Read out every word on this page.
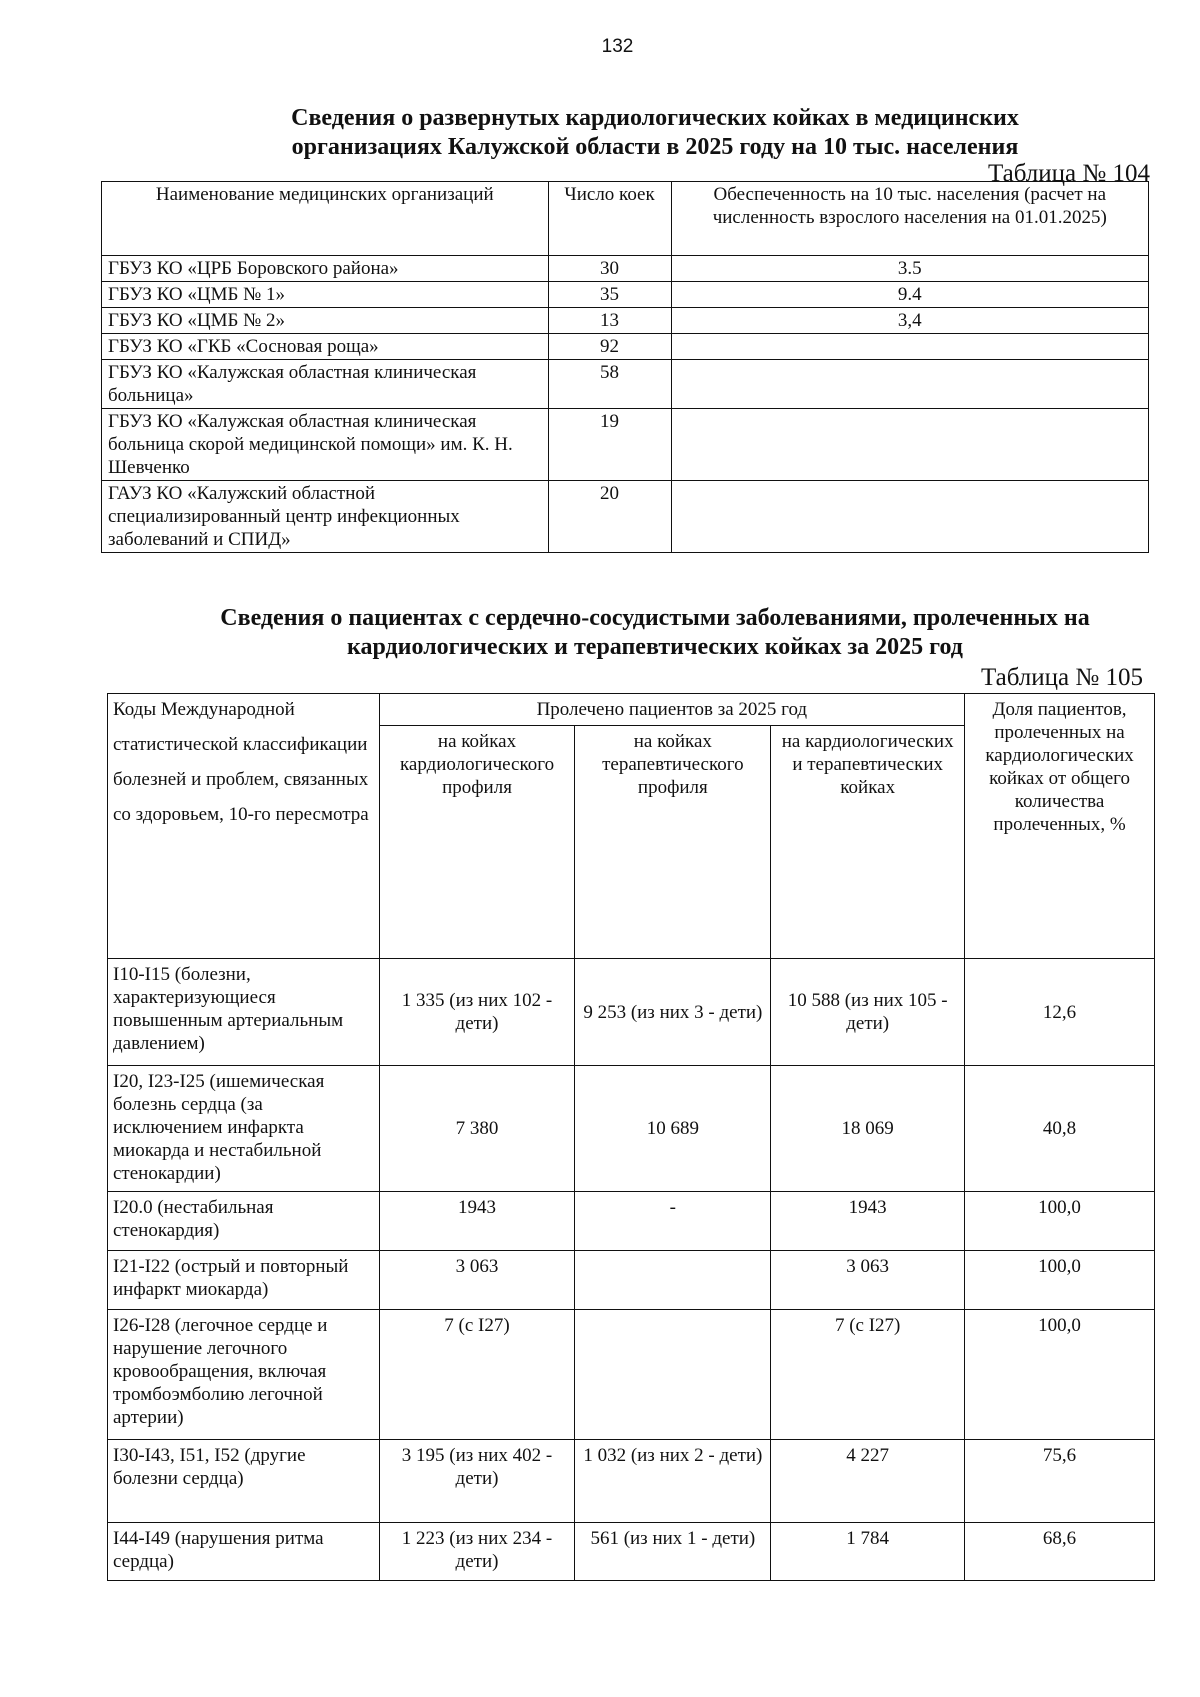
132
Сведения о развернутых кардиологических койках в медицинских
организациях Калужской области в 2025 году на 10 тыс. населения
Таблица № 104
Наименование медицинских организаций	Число коек	Обеспеченность на 10 тыс. населения (расчет на численность взрослого населения на 01.01.2025)
ГБУЗ КО «ЦРБ Боровского района»	30	3.5
ГБУЗ КО «ЦМБ № 1»	35	9.4
ГБУЗ КО «ЦМБ № 2»	13	3,4
ГБУЗ КО «ГКБ «Сосновая роща»	92	
ГБУЗ КО «Калужская областная клиническая больница»	58	
ГБУЗ КО «Калужская областная клиническая больница скорой медицинской помощи» им. К. Н. Шевченко	19	
ГАУЗ КО «Калужский областной специализированный центр инфекционных заболеваний и СПИД»	20	
Сведения о пациентах с сердечно-сосудистыми заболеваниями, пролеченных на
кардиологических и терапевтических койках за 2025 год
Таблица № 105
Коды Международной
статистической классификации
болезней и проблем, связанных
со здоровьем, 10-го пересмотра	Пролечено пациентов за 2025 год			Доля пациентов, пролеченных на кардиологических койках от общего количества пролеченных, %
	на койках кардиологического профиля	на койках терапевтического профиля	на кардиологических и терапевтических койках	
I10-I15 (болезни, характеризующиеся повышенным артериальным давлением)	1 335 (из них 102 - дети)	9 253 (из них 3 - дети)	10 588 (из них 105 - дети)	12,6
I20, I23-I25 (ишемическая болезнь сердца (за исключением инфаркта миокарда и нестабильной стенокардии)	7 380	10 689	18 069	40,8
I20.0 (нестабильная стенокардия)	1943	-	1943	100,0
I21-I22 (острый и повторный инфаркт миокарда)	3 063		3 063	100,0
I26-I28 (легочное сердце и нарушение легочного кровообращения, включая тромбоэмболию легочной артерии)	7 (с I27)		7 (с I27)	100,0
I30-I43, I51, I52 (другие болезни сердца)	3 195 (из них 402 - дети)	1 032 (из них 2 - дети)	4 227	75,6
I44-I49 (нарушения ритма сердца)	1 223 (из них 234 - дети)	561 (из них 1 - дети)	1 784	68,6
